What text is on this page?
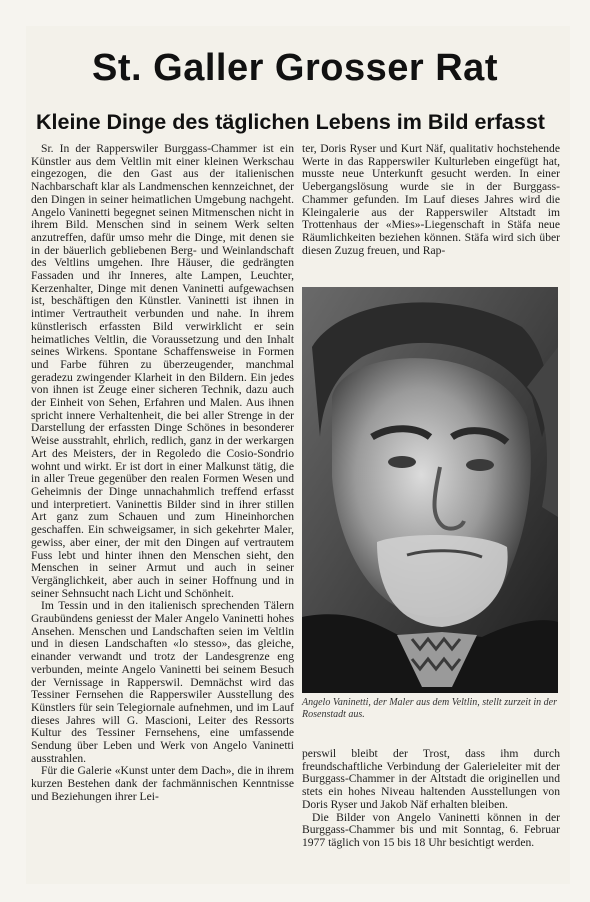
St. Galler Grosser Rat
Kleine Dinge des täglichen Lebens im Bild erfasst

Sr. In der Rapperswiler Burggass-Chammer ist ein Künstler aus dem Veltlin mit einer kleinen Werkschau eingezogen, die den Gast aus der italienischen Nachbarschaft klar als Landmenschen kennzeichnet, der den Dingen in seiner heimatlichen Umgebung nachgeht. Angelo Vaninetti begegnet seinen Mitmenschen nicht in ihrem Bild. Menschen sind in seinem Werk selten anzutreffen, dafür umso mehr die Dinge, mit denen sie in der bäuerlich gebliebenen Berg- und Weinlandschaft des Veltlins umgehen. Ihre Häuser, die gedrängten Fassaden und ihr Inneres, alte Lampen, Leuchter, Kerzenhalter, Dinge mit denen Vaninetti aufgewachsen ist, beschäftigen den Künstler. Vaninetti ist ihnen in intimer Vertrautheit verbunden und nahe. In ihrem künstlerisch erfassten Bild verwirklicht er sein heimatliches Veltlin, die Voraussetzung und den Inhalt seines Wirkens. Spontane Schaffensweise in Formen und Farbe führen zu überzeugender, manchmal geradezu zwingender Klarheit in den Bildern. Ein jedes von ihnen ist Zeuge einer sicheren Technik, dazu auch der Einheit von Sehen, Erfahren und Malen. Aus ihnen spricht innere Verhaltenheit, die bei aller Strenge in der Darstellung der erfassten Dinge Schönes in besonderer Weise ausstrahlt, ehrlich, redlich, ganz in der werkargen Art des Meisters, der in Regoledo die Cosio-Sondrio wohnt und wirkt. Er ist dort in einer Malkunst tätig, die in aller Treue gegenüber den realen Formen Wesen und Geheimnis der Dinge unnachahmlich treffend erfasst und interpretiert. Vaninettis Bilder sind in ihrer stillen Art ganz zum Schauen und zum Hineinhorchen geschaffen. Ein schweigsamer, in sich gekehrter Maler, gewiss, aber einer, der mit den Dingen auf vertrautem Fuss lebt und hinter ihnen den Menschen sieht, den Menschen in seiner Armut und auch in seiner Vergänglichkeit, aber auch in seiner Hoffnung und in seiner Sehnsucht nach Licht und Schönheit.

Im Tessin und in den italienisch sprechenden Tälern Graubündens geniesst der Maler Angelo Vaninetti hohes Ansehen. Menschen und Landschaften seien im Veltlin und in diesen Landschaften «lo stesso», das gleiche, einander verwandt und trotz der Landesgrenze eng verbunden, meinte Angelo Vaninetti bei seinem Besuch der Vernissage in Rapperswil. Demnächst wird das Tessiner Fernsehen die Rapperswiler Ausstellung des Künstlers für sein Telegiornale aufnehmen, und im Lauf dieses Jahres will G. Mascioni, Leiter des Ressorts Kultur des Tessiner Fernsehens, eine umfassende Sendung über Leben und Werk von Angelo Vaninetti ausstrahlen.

Für die Galerie «Kunst unter dem Dach», die in ihrem kurzen Bestehen dank der fachmännischen Kenntnisse und Beziehungen ihrer Lei-

ter, Doris Ryser und Kurt Näf, qualitativ hochstehende Werte in das Rapperswiler Kulturleben eingefügt hat, musste neue Unterkunft gesucht werden. In einer Uebergangslösung wurde sie in der Burggass-Chammer gefunden. Im Lauf dieses Jahres wird die Kleingalerie aus der Rapperswiler Altstadt im Trottenhaus der «Mies»-Liegenschaft in Stäfa neue Räumlichkeiten beziehen können. Stäfa wird sich über diesen Zuzug freuen, und Rap-

Angelo Vaninetti, der Maler aus dem Veltlin, stellt zurzeit in der Rosenstadt aus.

perswil bleibt der Trost, dass ihm durch freundschaftliche Verbindung der Galerieleiter mit der Burggass-Chammer in der Altstadt die originellen und stets ein hohes Niveau haltenden Ausstellungen von Doris Ryser und Jakob Näf erhalten bleiben.

Die Bilder von Angelo Vaninetti können in der Burggass-Chammer bis und mit Sonntag, 6. Februar 1977 täglich von 15 bis 18 Uhr besichtigt werden.
